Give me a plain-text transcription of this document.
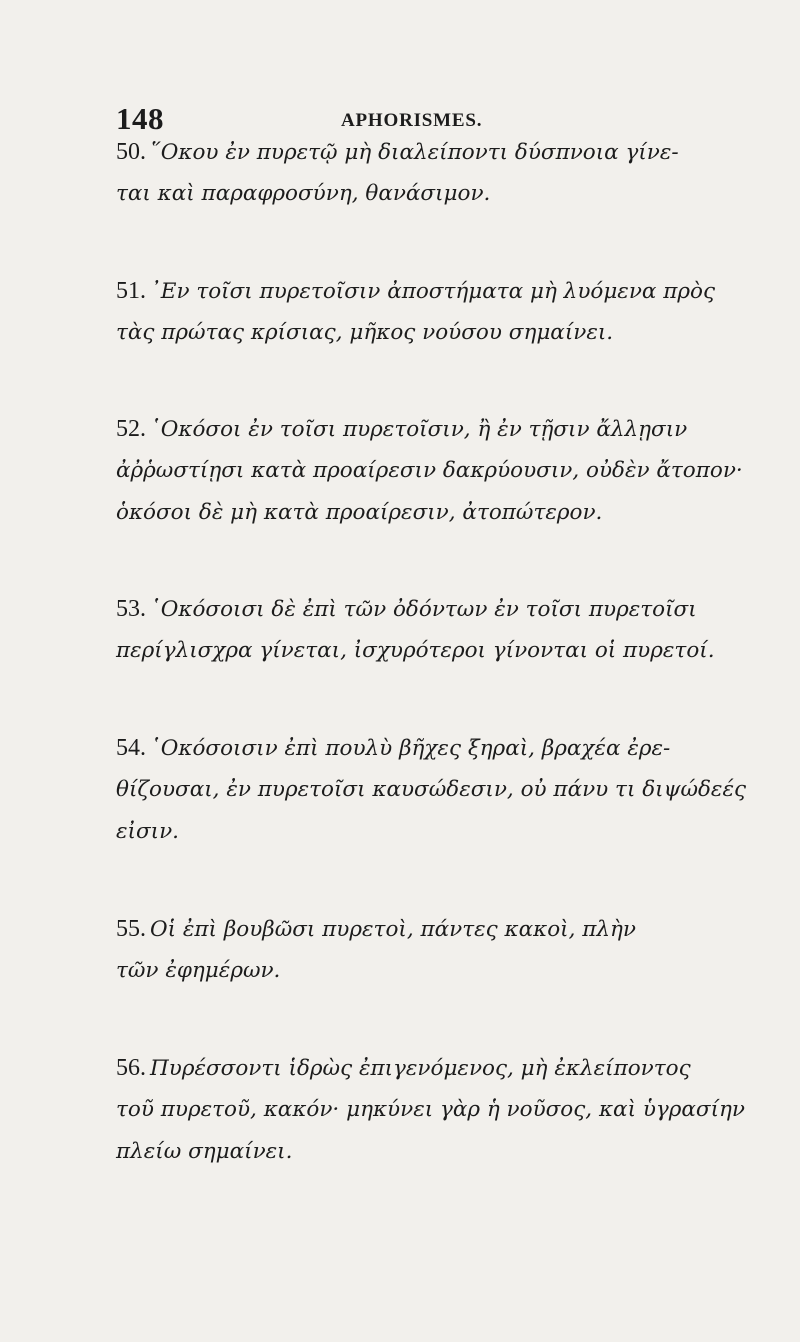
148	APHORISMES.
50. ῞Οκου ἐν πυρετῷ μὴ διαλείποντι δύσπνοια γίνε-
ται καὶ παραφροσύνη, θανάσιμον.
51. ᾿Εν τοῖσι πυρετοῖσιν ἀποστήματα μὴ λυόμενα πρὸς
τὰς πρώτας κρίσιας, μῆκος νούσου σημαίνει.
52. ῾Οκόσοι ἐν τοῖσι πυρετοῖσιν, ἢ ἐν τῇσιν ἄλλῃσιν
ἀῤῥωστίῃσι κατὰ προαίρεσιν δακρύουσιν, οὐδὲν ἄτοπον·
ὁκόσοι δὲ μὴ κατὰ προαίρεσιν, ἀτοπώτερον.
53. ῾Οκόσοισι δὲ ἐπὶ τῶν ὀδόντων ἐν τοῖσι πυρετοῖσι
περίγλισχρα γίνεται, ἰσχυρότεροι γίνονται οἱ πυρετοί.
54. ῾Οκόσοισιν ἐπὶ πουλὺ βῆχες ξηραὶ, βραχέα ἐρε-
θίζουσαι, ἐν πυρετοῖσι καυσώδεσιν, οὐ πάνυ τι διψώδεές
εἰσιν.
55. Οἱ ἐπὶ βουβῶσι πυρετοὶ, πάντες κακοὶ, πλὴν
τῶν ἐφημέρων.
56. Πυρέσσοντι ἱδρὼς ἐπιγενόμενος, μὴ ἐκλείποντος
τοῦ πυρετοῦ, κακόν· μηκύνει γὰρ ἡ νοῦσος, καὶ ὑγρασίην
πλείω σημαίνει.
